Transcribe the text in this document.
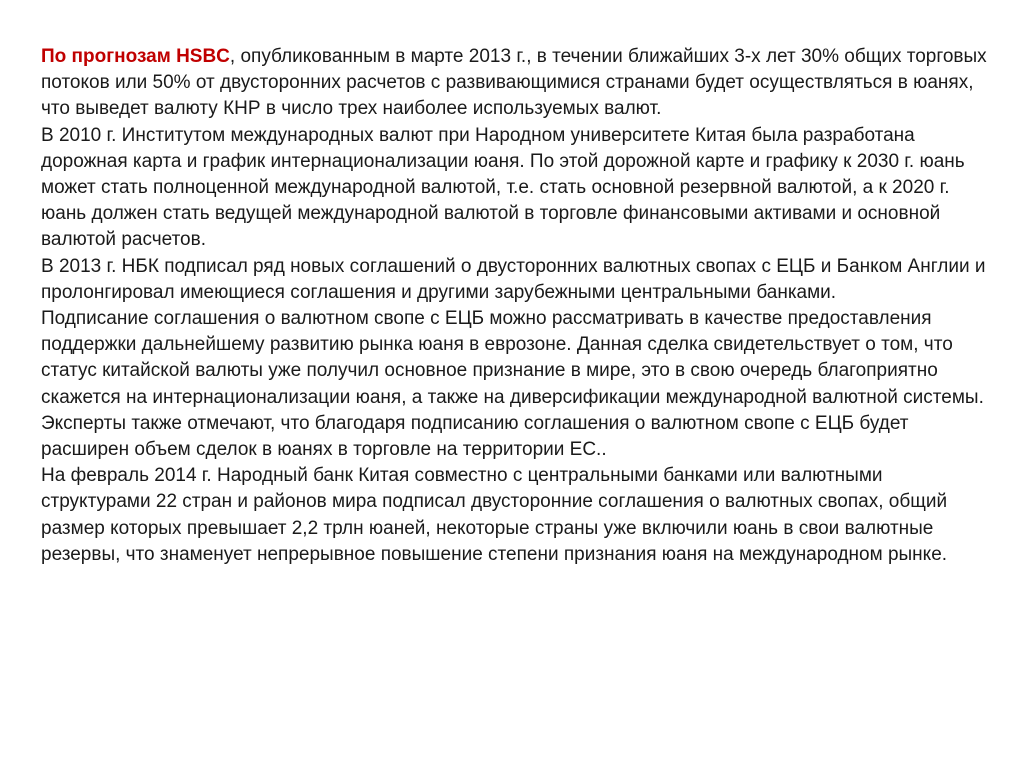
По прогнозам HSBC, опубликованным в марте 2013 г., в течении ближайших 3-х лет 30% общих торговых потоков или 50% от двусторонних расчетов с развивающимися странами будет осуществляться в юанях, что выведет валюту КНР в число трех наиболее используемых валют.

В 2010 г. Институтом международных валют при Народном университете Китая была разработана дорожная карта и график интернационализации юаня. По этой дорожной карте и графику к 2030 г. юань может стать полноценной международной валютой, т.е. стать основной резервной валютой, а к 2020 г. юань должен стать ведущей международной валютой в торговле финансовыми активами и основной валютой расчетов.

В 2013 г. НБК подписал ряд новых соглашений о двусторонних валютных свопах с ЕЦБ и Банком Англии и пролонгировал имеющиеся соглашения и другими зарубежными центральными банками.

Подписание соглашения о валютном свопе с ЕЦБ можно рассматривать в качестве предоставления поддержки дальнейшему развитию рынка юаня в еврозоне. Данная сделка свидетельствует о том, что статус китайской валюты уже получил основное признание в мире, это в свою очередь благоприятно скажется на интернационализации юаня, а также на диверсификации международной валютной системы. Эксперты также отмечают, что благодаря подписанию соглашения о валютном свопе с ЕЦБ будет расширен объем сделок в юанях в торговле на территории ЕС..

На февраль 2014 г. Народный банк Китая совместно с центральными банками или валютными структурами 22 стран и районов мира подписал двусторонние соглашения о валютных свопах, общий размер которых превышает 2,2 трлн юаней, некоторые страны уже включили юань в свои валютные резервы, что знаменует непрерывное повышение степени признания юаня на международном рынке.
